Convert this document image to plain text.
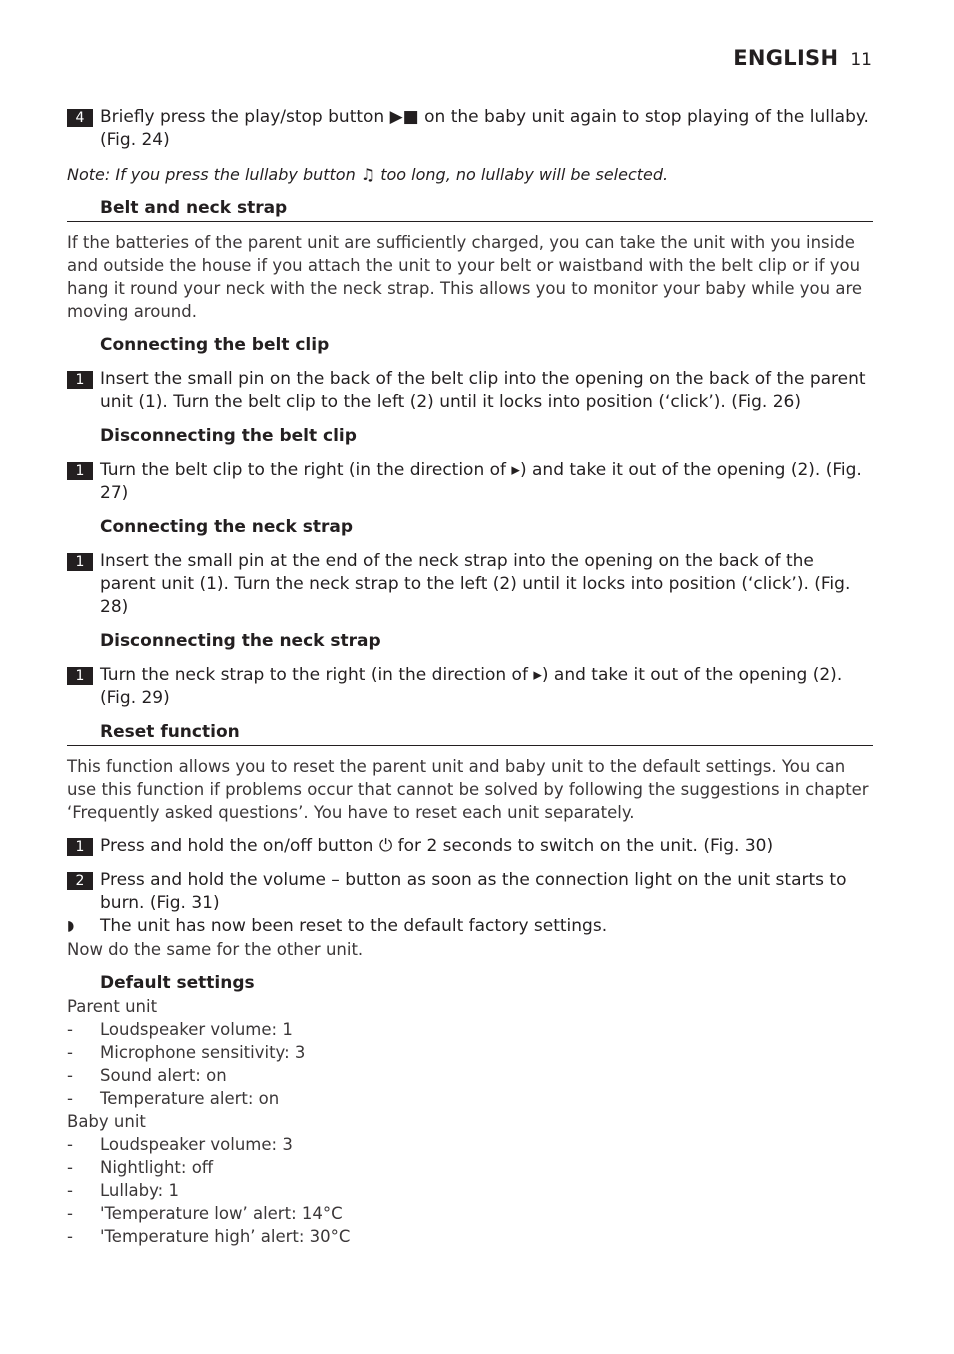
ENGLISH 11
4 Briefly press the play/stop button ▶■ on the baby unit again to stop playing of the lullaby. (Fig. 24)
Note: If you press the lullaby button ♫ too long, no lullaby will be selected.
Belt and neck strap
If the batteries of the parent unit are sufficiently charged, you can take the unit with you inside and outside the house if you attach the unit to your belt or waistband with the belt clip or if you hang it round your neck with the neck strap. This allows you to monitor your baby while you are moving around.
Connecting the belt clip
1 Insert the small pin on the back of the belt clip into the opening on the back of the parent unit (1). Turn the belt clip to the left (2) until it locks into position (‘click’). (Fig. 26)
Disconnecting the belt clip
1 Turn the belt clip to the right (in the direction of ▸) and take it out of the opening (2). (Fig. 27)
Connecting the neck strap
1 Insert the small pin at the end of the neck strap into the opening on the back of the parent unit (1). Turn the neck strap to the left (2) until it locks into position (‘click’). (Fig. 28)
Disconnecting the neck strap
1 Turn the neck strap to the right (in the direction of ▸) and take it out of the opening (2). (Fig. 29)
Reset function
This function allows you to reset the parent unit and baby unit to the default settings. You can use this function if problems occur that cannot be solved by following the suggestions in chapter ‘Frequently asked questions’. You have to reset each unit separately.
1 Press and hold the on/off button ⏻ for 2 seconds to switch on the unit. (Fig. 30)
2 Press and hold the volume – button as soon as the connection light on the unit starts to burn. (Fig. 31)
◗ The unit has now been reset to the default factory settings.
Now do the same for the other unit.
Default settings
Parent unit
- Loudspeaker volume: 1
- Microphone sensitivity: 3
- Sound alert: on
- Temperature alert: on
Baby unit
- Loudspeaker volume: 3
- Nightlight: off
- Lullaby: 1
- 'Temperature low’ alert: 14°C
- 'Temperature high’ alert: 30°C
